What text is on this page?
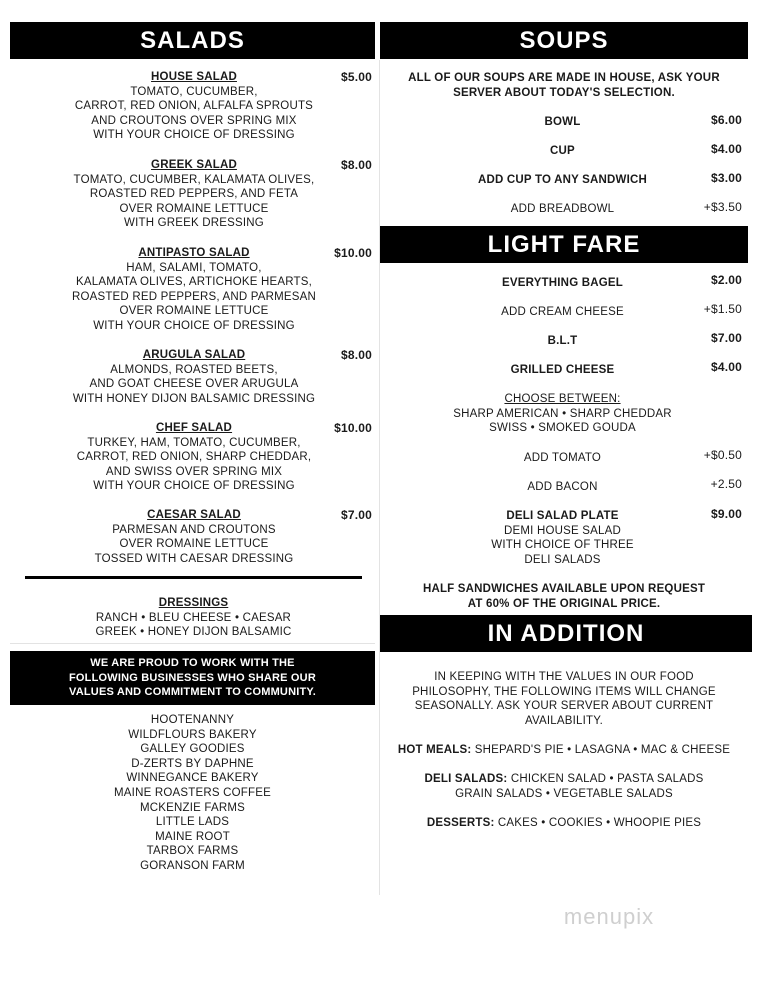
SALADS
HOUSE SALAD
TOMATO, CUCUMBER,
CARROT, RED ONION, ALFALFA SPROUTS
AND CROUTONS OVER SPRING MIX
WITH YOUR CHOICE OF DRESSING
$5.00
GREEK SALAD
TOMATO, CUCUMBER, KALAMATA OLIVES,
ROASTED RED PEPPERS, AND FETA
OVER ROMAINE LETTUCE
WITH GREEK DRESSING
$8.00
ANTIPASTO SALAD
HAM, SALAMI, TOMATO,
KALAMATA OLIVES, ARTICHOKE HEARTS,
ROASTED RED PEPPERS, AND PARMESAN
OVER ROMAINE LETTUCE
WITH YOUR CHOICE OF DRESSING
$10.00
ARUGULA SALAD
ALMONDS, ROASTED BEETS,
AND GOAT CHEESE OVER ARUGULA
WITH HONEY DIJON BALSAMIC DRESSING
$8.00
CHEF SALAD
TURKEY, HAM, TOMATO, CUCUMBER,
CARROT, RED ONION, SHARP CHEDDAR,
AND SWISS OVER SPRING MIX
WITH YOUR CHOICE OF DRESSING
$10.00
CAESAR SALAD
PARMESAN AND CROUTONS
OVER ROMAINE LETTUCE
TOSSED WITH CAESAR DRESSING
$7.00
DRESSINGS
RANCH • BLEU CHEESE • CAESAR
GREEK • HONEY DIJON BALSAMIC
WE ARE PROUD TO WORK WITH THE
FOLLOWING BUSINESSES WHO SHARE OUR
VALUES AND COMMITMENT TO COMMUNITY.
HOOTENANNY
WILDFLOURS BAKERY
GALLEY GOODIES
D-ZERTS BY DAPHNE
WINNEGANCE BAKERY
MAINE ROASTERS COFFEE
MCKENZIE FARMS
LITTLE LADS
MAINE ROOT
TARBOX FARMS
GORANSON FARM
SOUPS
ALL OF OUR SOUPS ARE MADE IN HOUSE, ASK YOUR
SERVER ABOUT TODAY'S SELECTION.
BOWL	$6.00
CUP	$4.00
ADD CUP TO ANY SANDWICH	$3.00
ADD BREADBOWL	+$3.50
LIGHT FARE
EVERYTHING BAGEL	$2.00
ADD CREAM CHEESE	+$1.50
B.L.T	$7.00
GRILLED CHEESE	$4.00
CHOOSE BETWEEN:
SHARP AMERICAN • SHARP CHEDDAR
SWISS • SMOKED GOUDA
ADD TOMATO	+$0.50
ADD BACON	+2.50
DELI SALAD PLATE
DEMI HOUSE SALAD
WITH CHOICE OF THREE
DELI SALADS
$9.00
HALF SANDWICHES AVAILABLE UPON REQUEST
AT 60% OF THE ORIGINAL PRICE.
IN ADDITION
IN KEEPING WITH THE VALUES IN OUR FOOD
PHILOSOPHY, THE FOLLOWING ITEMS WILL CHANGE
SEASONALLY. ASK YOUR SERVER ABOUT CURRENT
AVAILABILITY.
HOT MEALS: SHEPARD'S PIE • LASAGNA • MAC & CHEESE
DELI SALADS: CHICKEN SALAD • PASTA SALADS
GRAIN SALADS • VEGETABLE SALADS
DESSERTS: CAKES • COOKIES • WHOOPIE PIES
menupix
